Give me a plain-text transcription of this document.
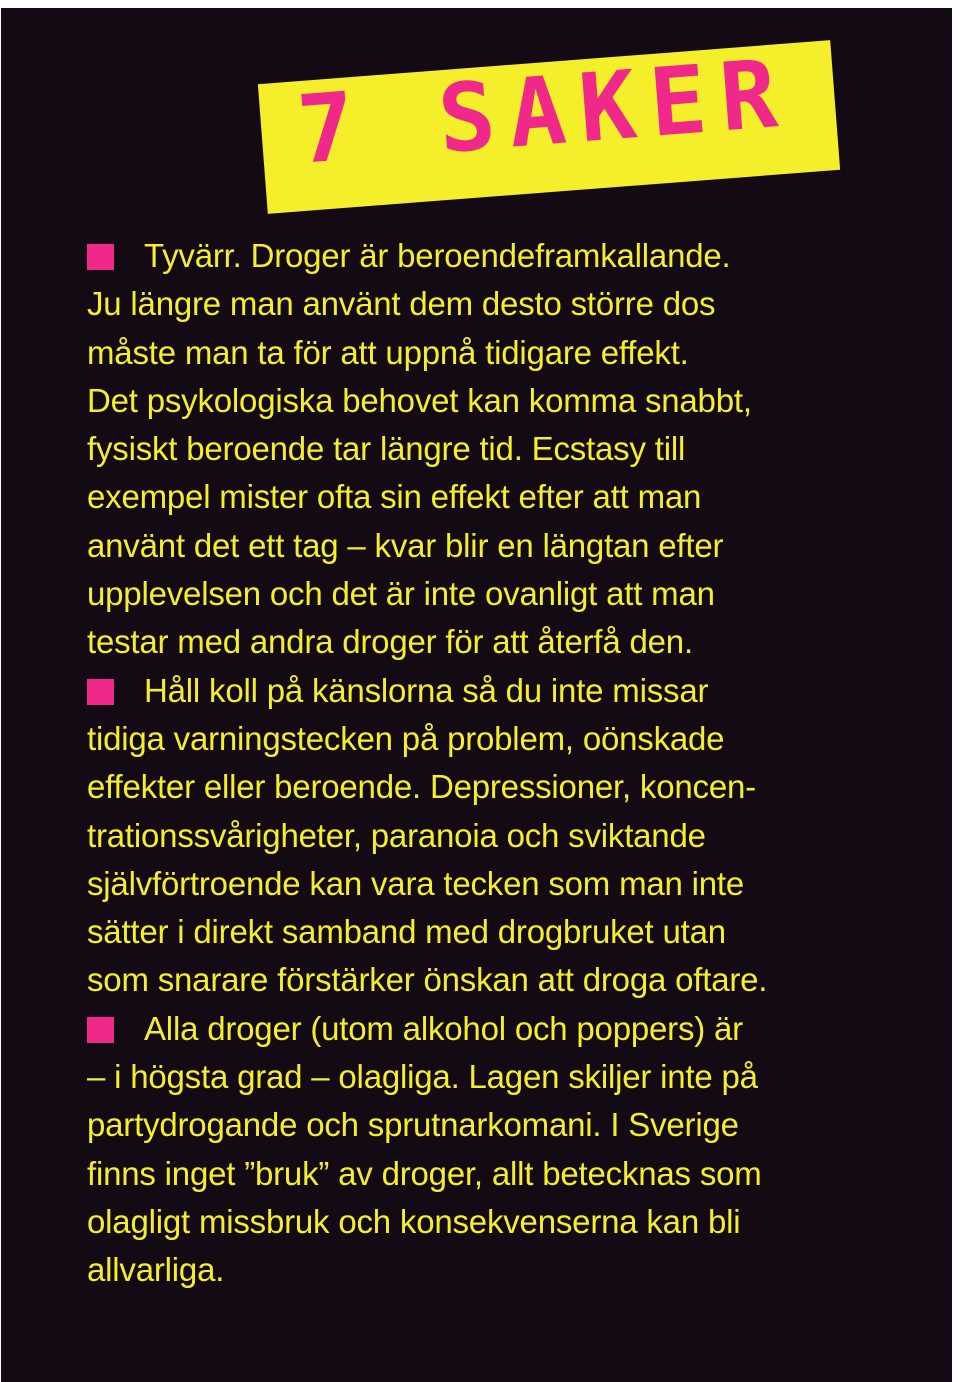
7 SAKER
Tyvärr. Droger är beroendeframkallande.
Ju längre man använt dem desto större dos
måste man ta för att uppnå tidigare effekt.
Det psykologiska behovet kan komma snabbt,
fysiskt beroende tar längre tid. Ecstasy till
exempel mister ofta sin effekt efter att man
använt det ett tag – kvar blir en längtan efter
upplevelsen och det är inte ovanligt att man
testar med andra droger för att återfå den.
Håll koll på känslorna så du inte missar
tidiga varningstecken på problem, oönskade
effekter eller beroende. Depressioner, koncen-
trationssvårigheter, paranoia och sviktande
självförtroende kan vara tecken som man inte
sätter i direkt samband med drogbruket utan
som snarare förstärker önskan att droga oftare.
Alla droger (utom alkohol och poppers) är
– i högsta grad – olagliga. Lagen skiljer inte på
partydrogande och sprutnarkomani. I Sverige
finns inget ”bruk” av droger, allt betecknas som
olagligt missbruk och konsekvenserna kan bli
allvarliga.
